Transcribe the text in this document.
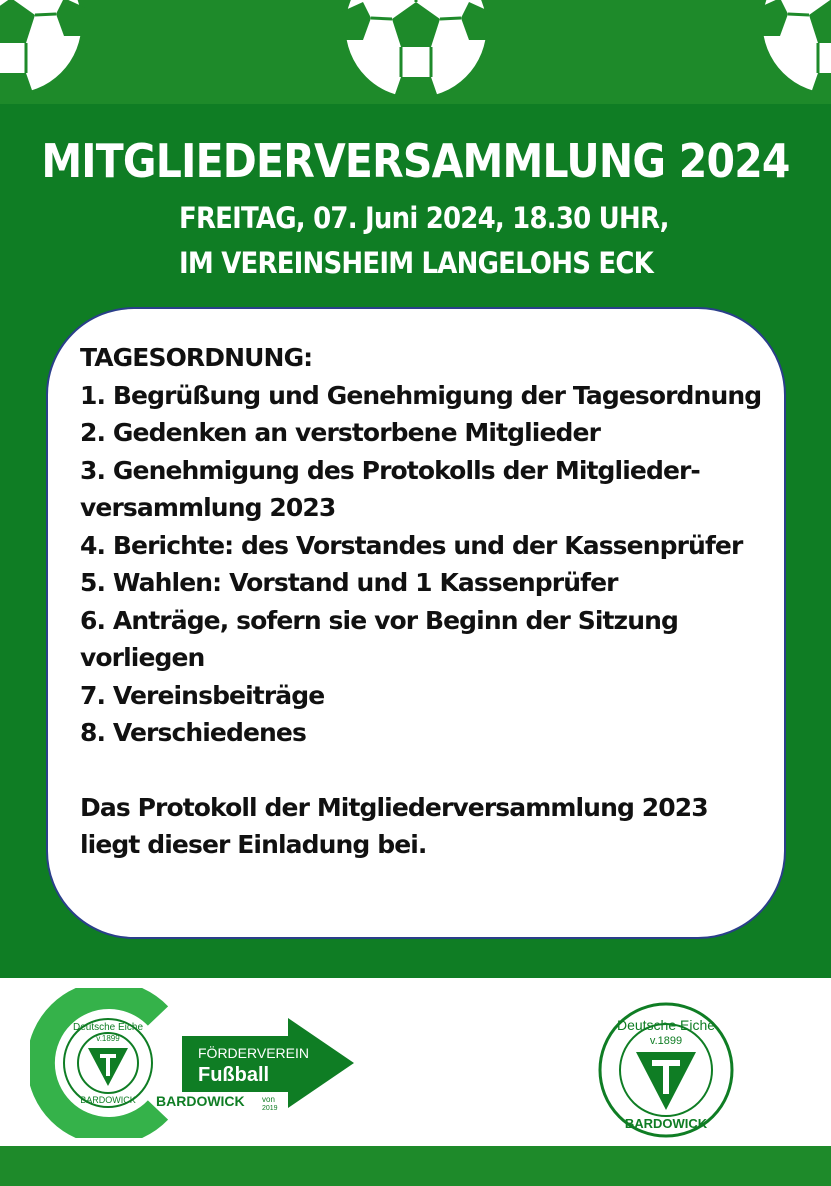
MITGLIEDERVERSAMMLUNG 2024
FREITAG, 07. Juni 2024, 18.30 UHR,
IM VEREINSHEIM LANGELOHS ECK
TAGESORDNUNG:
1. Begrüßung und Genehmigung der Tagesordnung
2. Gedenken an verstorbene Mitglieder
3. Genehmigung des Protokolls der Mitglieder-versammlung 2023
4. Berichte: des Vorstandes und der Kassenprüfer
5. Wahlen: Vorstand und 1 Kassenprüfer
6. Anträge, sofern sie vor Beginn der Sitzung vorliegen
7. Vereinsbeiträge
8. Verschiedenes
Das Protokoll der Mitgliederversammlung 2023 liegt dieser Einladung bei.
Deutsche Eiche
v.1899
BARDOWICK
FÖRDERVEREIN
Fußball
BARDOWICK von
2019
Deutsche Eiche
v.1899
BARDOWICK
